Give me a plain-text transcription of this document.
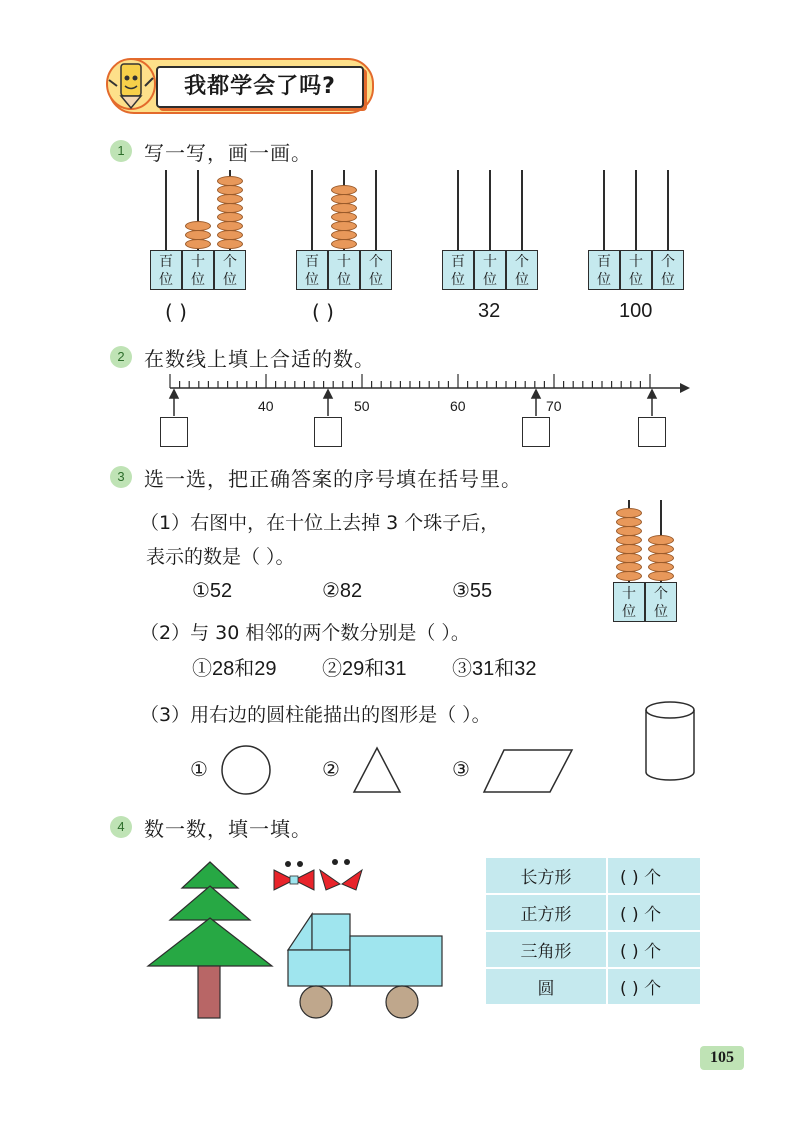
我都学会了吗?
1 写一写，画一画。
百
位
十
位
个
位
百
位
十
位
个
位
百
位
十
位
个
位
百
位
十
位
个
位
( )	( )	32	100
2 在数线上填上合适的数。
40	50	60	70
3 选一选，把正确答案的序号填在括号里。
（1）右图中，在十位上去掉 3 个珠子后，
表示的数是（ ）。
①52	②82	③55
（2）与 30 相邻的两个数分别是（ ）。
①28和29 ②29和31 ③31和32
（3）用右边的圆柱能描出的图形是（ ）。
①	②	③
十
位
个
位
4 数一数，填一填。
长方形	( ) 个
正方形	( ) 个
三角形	( ) 个
圆	( ) 个
105
